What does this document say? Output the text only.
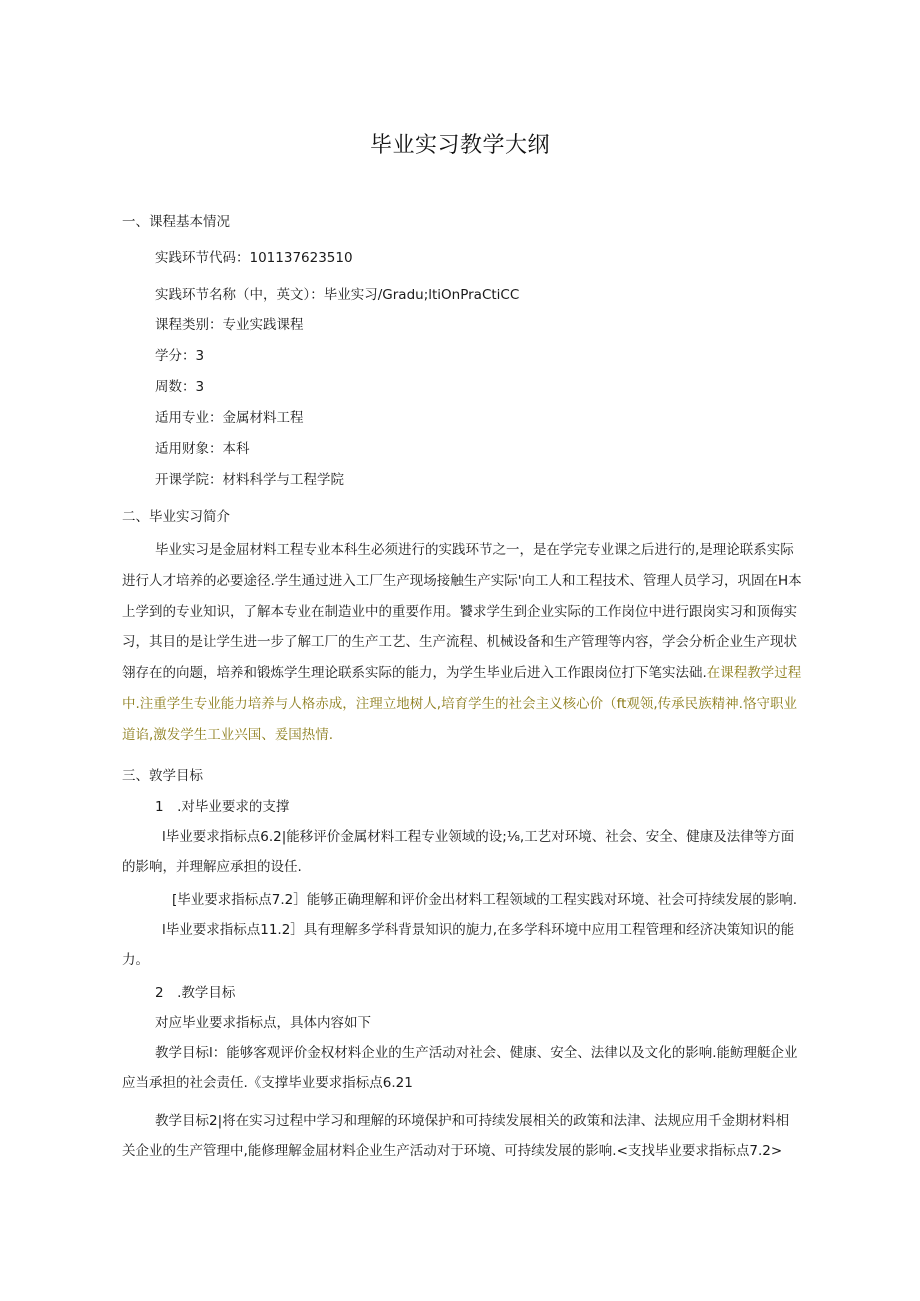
毕业实习教学大纲
一、课程基本情况
实践环节代码：101137623510
实践环节名称（中，英文）：毕业实习/Gradu;ltiOnPraCtiCC
课程类别：专业实践课程
学分：3
周数：3
适用专业：金属材料工程
适用财象：本科
开课学院：材料科学与工程学院
二、毕业实习简介
毕业实习是金屈材料工程专业本科生必须进行的实践环节之一，是在学完专业课之后进行的,是理论联系实际
进行人才培养的必要途径.学生通过进入工厂生产现场接触生产实际'向工人和工程技术、管理人员学习，巩固在H本
上学到的专业知识，了解本专业在制造业中的重要作用。饕求学生到企业实际的工作岗位中进行跟岗实习和顶侮实
习，其目的是让学生进一步了解工厂的生产工艺、生产流程、机械设备和生产管理等内容，学会分析企业生产现状
翎存在的向题，培养和锻炼学生理论联系实际的能力，为学生毕业后进入工作跟岗位打下笔实法础.在课程教学过程
中.注重学生专业能力培养与人格赤成，注理立地树人,培育学生的社会主义核心价（ft观领,传承民族精神.恪守职业
道谄,激发学生工业兴国、爰国热情.
三、敦学目标
1　.对毕业要求的支撑
l毕业要求指标点6.2|能移评价金属材料工程专业领域的设;⅛,工艺对环境、社会、安全、健康及法律等方面
的影响，并理解应承担的设任.
[毕业要求指标点7.2］能够正确理解和评价金出材料工程领域的工程实践对环境、社会可持续发展的影响.
l毕业要求指标点11.2］具有理解多学科背景知识的旎力,在多学科环境中应用工程管理和经济决策知识的能
力。
2　.教学目标
对应毕业要求指标点，具体内容如下
教学目标l：能够客观评价金权材料企业的生产活动对社会、健康、安全、法律以及文化的影响.能鲂理艇企业
应当承担的社会责任.《支撑毕业要求指标点6.21
教学目标2|将在实习过程中学习和理解的环境保护和可持续发展相关的政策和法津、法规应用千金期材料相
关企业的生产管理中,能修理解金屈材料企业生产活动对于环境、可持续发展的影响.<支找毕业要求指标点7.2>
